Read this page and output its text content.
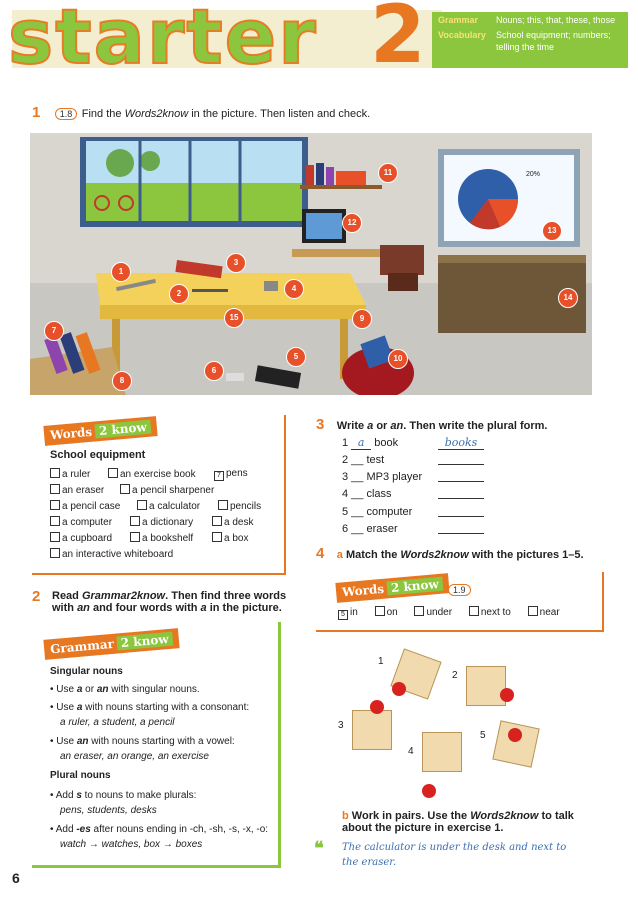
starter 2 Grammar Nouns; this, that, these, those
Vocabulary School equipment; numbers;
telling the time
1 1.8 Find the Words2know in the picture. Then listen and check.
1
2
3
4
5
6
7
8
9
10
11
12
13
14
15
20%
Words 2 know
School equipment
a ruler	an exercise book	7 pens
an eraser	a pencil sharpener
a pencil case	a calculator	pencils
a computer	a dictionary	a desk
a cupboard	a bookshelf	a box
an interactive whiteboard
2 Read Grammar2know. Then find three words
with an and four words with a in the picture.
Grammar 2 know
Singular nouns
• Use a or an with singular nouns.
• Use a with nouns starting with a consonant:
a ruler, a student, a pencil
• Use an with nouns starting with a vowel:
an eraser, an orange, an exercise
Plural nouns
• Add s to nouns to make plurals:
pens, students, desks
• Add -es after nouns ending in -ch, -sh, -s, -x, -o:
watch → watches, box → boxes
3 Write a or an. Then write the plural form.
1 a book	books
2 __ test
3 __ MP3 player
4 __ class
5 __ computer
6 __ eraser
4 a Match the Words2know with the pictures 1–5.
Words 2 know	1.9
5 in	on	under	next to	near
1
2
3
4
5
b Work in pairs. Use the Words2know to talk
about the picture in exercise 1.
❝ The calculator is under the desk and next to
the eraser.
6
